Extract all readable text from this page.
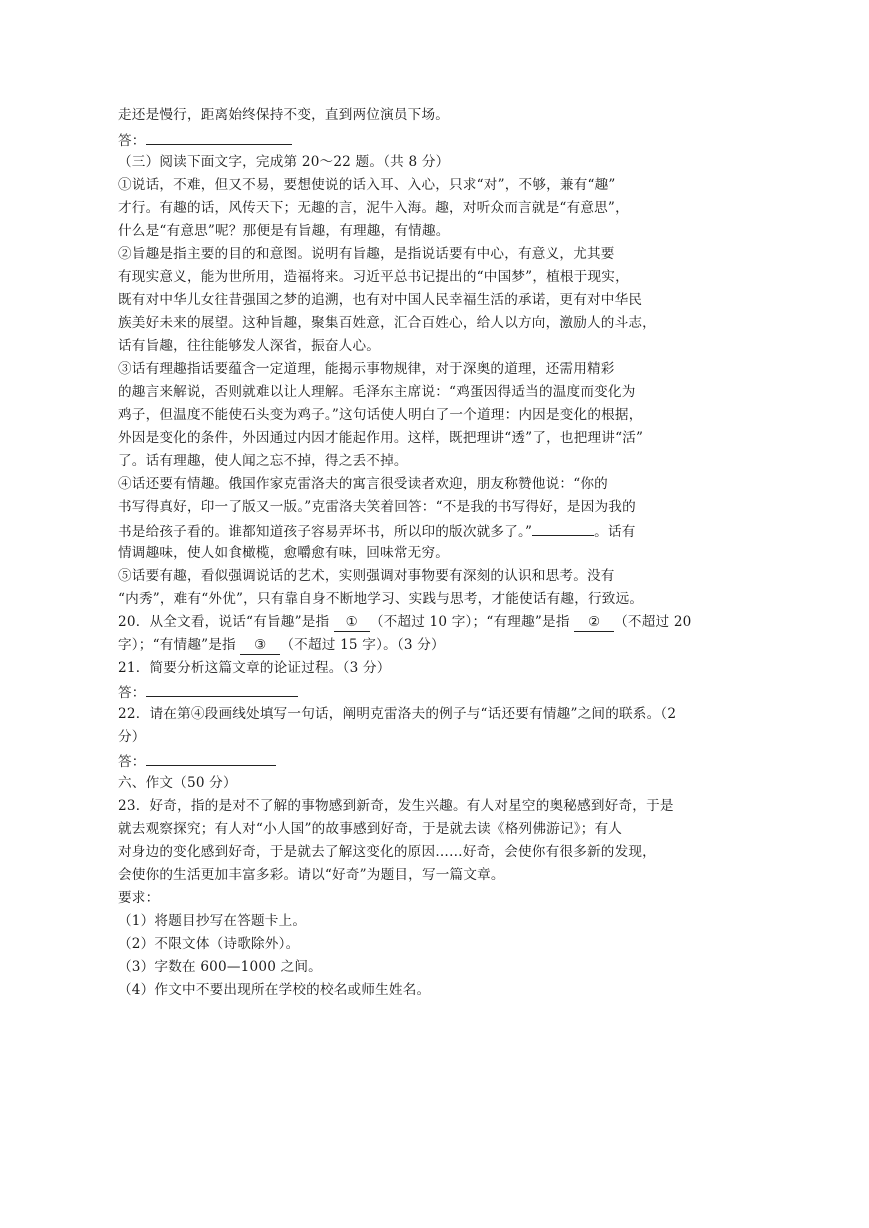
走还是慢行，距离始终保持不变，直到两位演员下场。
答：
（三）阅读下面文字，完成第 20～22 题。（共 8 分）
①说话，不难，但又不易，要想使说的话入耳、入心，只求“对”，不够，兼有“趣”
才行。有趣的话，风传天下；无趣的言，泥牛入海。趣，对听众而言就是“有意思”，
什么是“有意思”呢？那便是有旨趣，有理趣，有情趣。
②旨趣是指主要的目的和意图。说明有旨趣，是指说话要有中心，有意义，尤其要
有现实意义，能为世所用，造福将来。习近平总书记提出的“中国梦”，植根于现实，
既有对中华儿女往昔强国之梦的追溯，也有对中国人民幸福生活的承诺，更有对中华民
族美好未来的展望。这种旨趣，聚集百姓意，汇合百姓心，给人以方向，激励人的斗志，
话有旨趣，往往能够发人深省，振奋人心。
③话有理趣指话要蕴含一定道理，能揭示事物规律，对于深奥的道理，还需用精彩
的趣言来解说，否则就难以让人理解。毛泽东主席说：“鸡蛋因得适当的温度而变化为
鸡子，但温度不能使石头变为鸡子。”这句话使人明白了一个道理：内因是变化的根据，
外因是变化的条件，外因通过内因才能起作用。这样，既把理讲“透”了，也把理讲“活”
了。话有理趣，使人闻之忘不掉，得之丢不掉。
④话还要有情趣。俄国作家克雷洛夫的寓言很受读者欢迎，朋友称赞他说：“你的
书写得真好，印一了版又一版。”克雷洛夫笑着回答：“不是我的书写得好，是因为我的
书是给孩子看的。谁都知道孩子容易弄坏书，所以印的版次就多了。”	。话有
情调趣味，使人如食橄榄，愈嚼愈有味，回味常无穷。
⑤话要有趣，看似强调说话的艺术，实则强调对事物要有深刻的认识和思考。没有
“内秀”，难有“外优”，只有靠自身不断地学习、实践与思考，才能使话有趣，行致远。
20．从全文看，说话“有旨趣”是指 ① （不超过 10 字）；“有理趣”是指 ② （不超过 20
字）；“有情趣”是指 ③ （不超过 15 字）。（3 分）
21．简要分析这篇文章的论证过程。（3 分）
答：
22．请在第④段画线处填写一句话，阐明克雷洛夫的例子与“话还要有情趣”之间的联系。（2
分）
答：
六、作文（50 分）
23．好奇，指的是对不了解的事物感到新奇，发生兴趣。有人对星空的奥秘感到好奇，于是
就去观察探究；有人对“小人国”的故事感到好奇，于是就去读《格列佛游记》；有人
对身边的变化感到好奇，于是就去了解这变化的原因……好奇，会使你有很多新的发现，
会使你的生活更加丰富多彩。请以“好奇”为题目，写一篇文章。
要求：
（1）将题目抄写在答题卡上。
（2）不限文体（诗歌除外）。
（3）字数在 600—1000 之间。
（4）作文中不要出现所在学校的校名或师生姓名。
